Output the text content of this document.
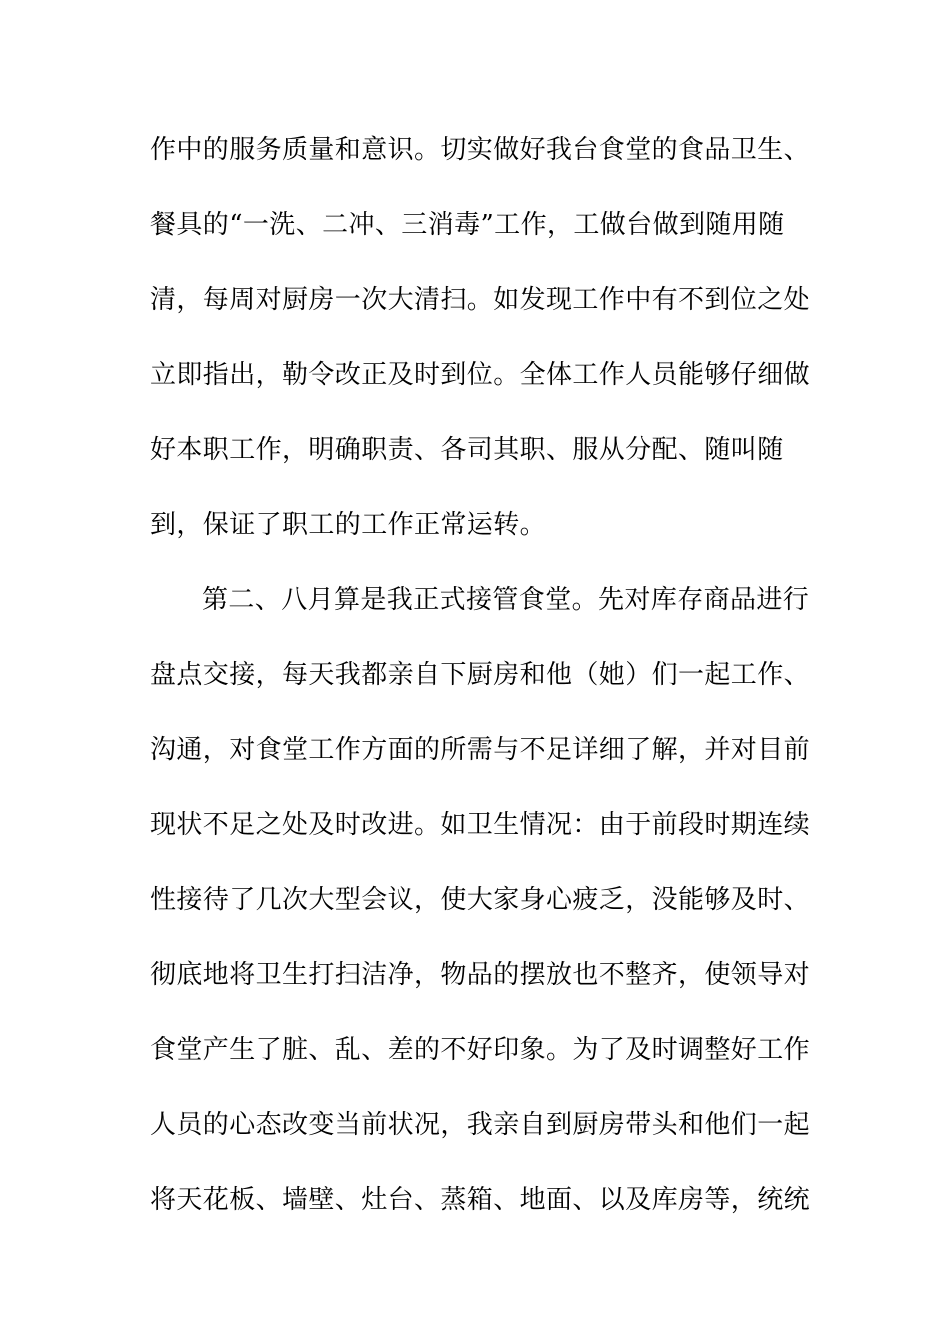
作中的服务质量和意识。切实做好我台食堂的食品卫生、
餐具的“一洗、二冲、三消毒”工作，工做台做到随用随
清，每周对厨房一次大清扫。如发现工作中有不到位之处
立即指出，勒令改正及时到位。全体工作人员能够仔细做
好本职工作，明确职责、各司其职、服从分配、随叫随
到，保证了职工的工作正常运转。
第二、八月算是我正式接管食堂。先对库存商品进行
盘点交接，每天我都亲自下厨房和他（她）们一起工作、
沟通，对食堂工作方面的所需与不足详细了解，并对目前
现状不足之处及时改进。如卫生情况：由于前段时期连续
性接待了几次大型会议，使大家身心疲乏，没能够及时、
彻底地将卫生打扫洁净，物品的摆放也不整齐，使领导对
食堂产生了脏、乱、差的不好印象。为了及时调整好工作
人员的心态改变当前状况，我亲自到厨房带头和他们一起
将天花板、墙壁、灶台、蒸箱、地面、以及库房等，统统
